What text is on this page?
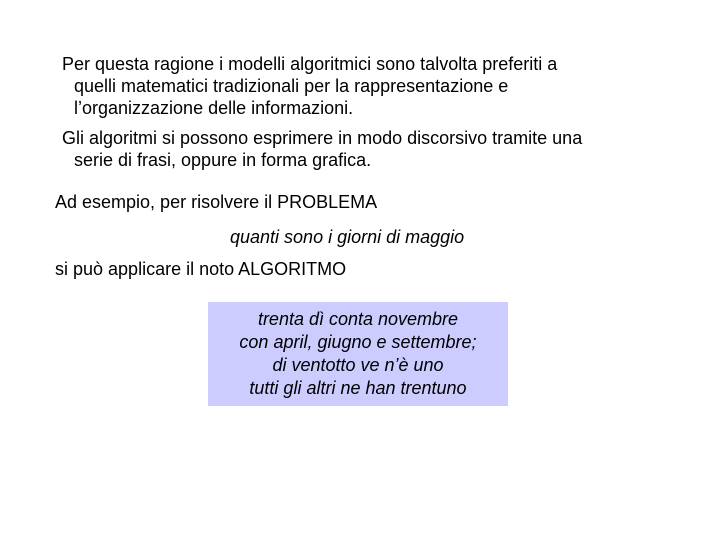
Per questa ragione i modelli algoritmici sono talvolta preferiti a
quelli matematici tradizionali per la rappresentazione e
l’organizzazione delle informazioni.

Gli algoritmi si possono esprimere in modo discorsivo tramite una
serie di frasi, oppure in forma grafica.

Ad esempio, per risolvere il PROBLEMA

quanti sono i giorni di maggio

si può applicare il noto ALGORITMO

trenta dì conta novembre
con april, giugno e settembre;
di ventotto ve n’è uno
tutti gli altri ne han trentuno
